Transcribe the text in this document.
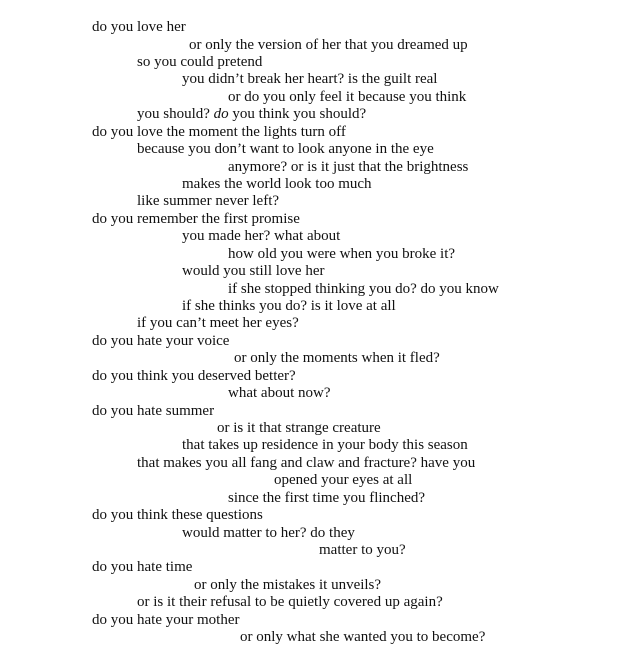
do you love her
or only the version of her that you dreamed up
so you could pretend
you didn’t break her heart? is the guilt real
or do you only feel it because you think
you should? do you think you should?
do you love the moment the lights turn off
because you don’t want to look anyone in the eye
anymore? or is it just that the brightness
makes the world look too much
like summer never left?
do you remember the first promise
you made her? what about
how old you were when you broke it?
would you still love her
if she stopped thinking you do? do you know
if she thinks you do? is it love at all
if you can’t meet her eyes?
do you hate your voice
or only the moments when it fled?
do you think you deserved better?
what about now?
do you hate summer
or is it that strange creature
that takes up residence in your body this season
that makes you all fang and claw and fracture? have you
opened your eyes at all
since the first time you flinched?
do you think these questions
would matter to her? do they
matter to you?
do you hate time
or only the mistakes it unveils?
or is it their refusal to be quietly covered up again?
do you hate your mother
or only what she wanted you to become?
